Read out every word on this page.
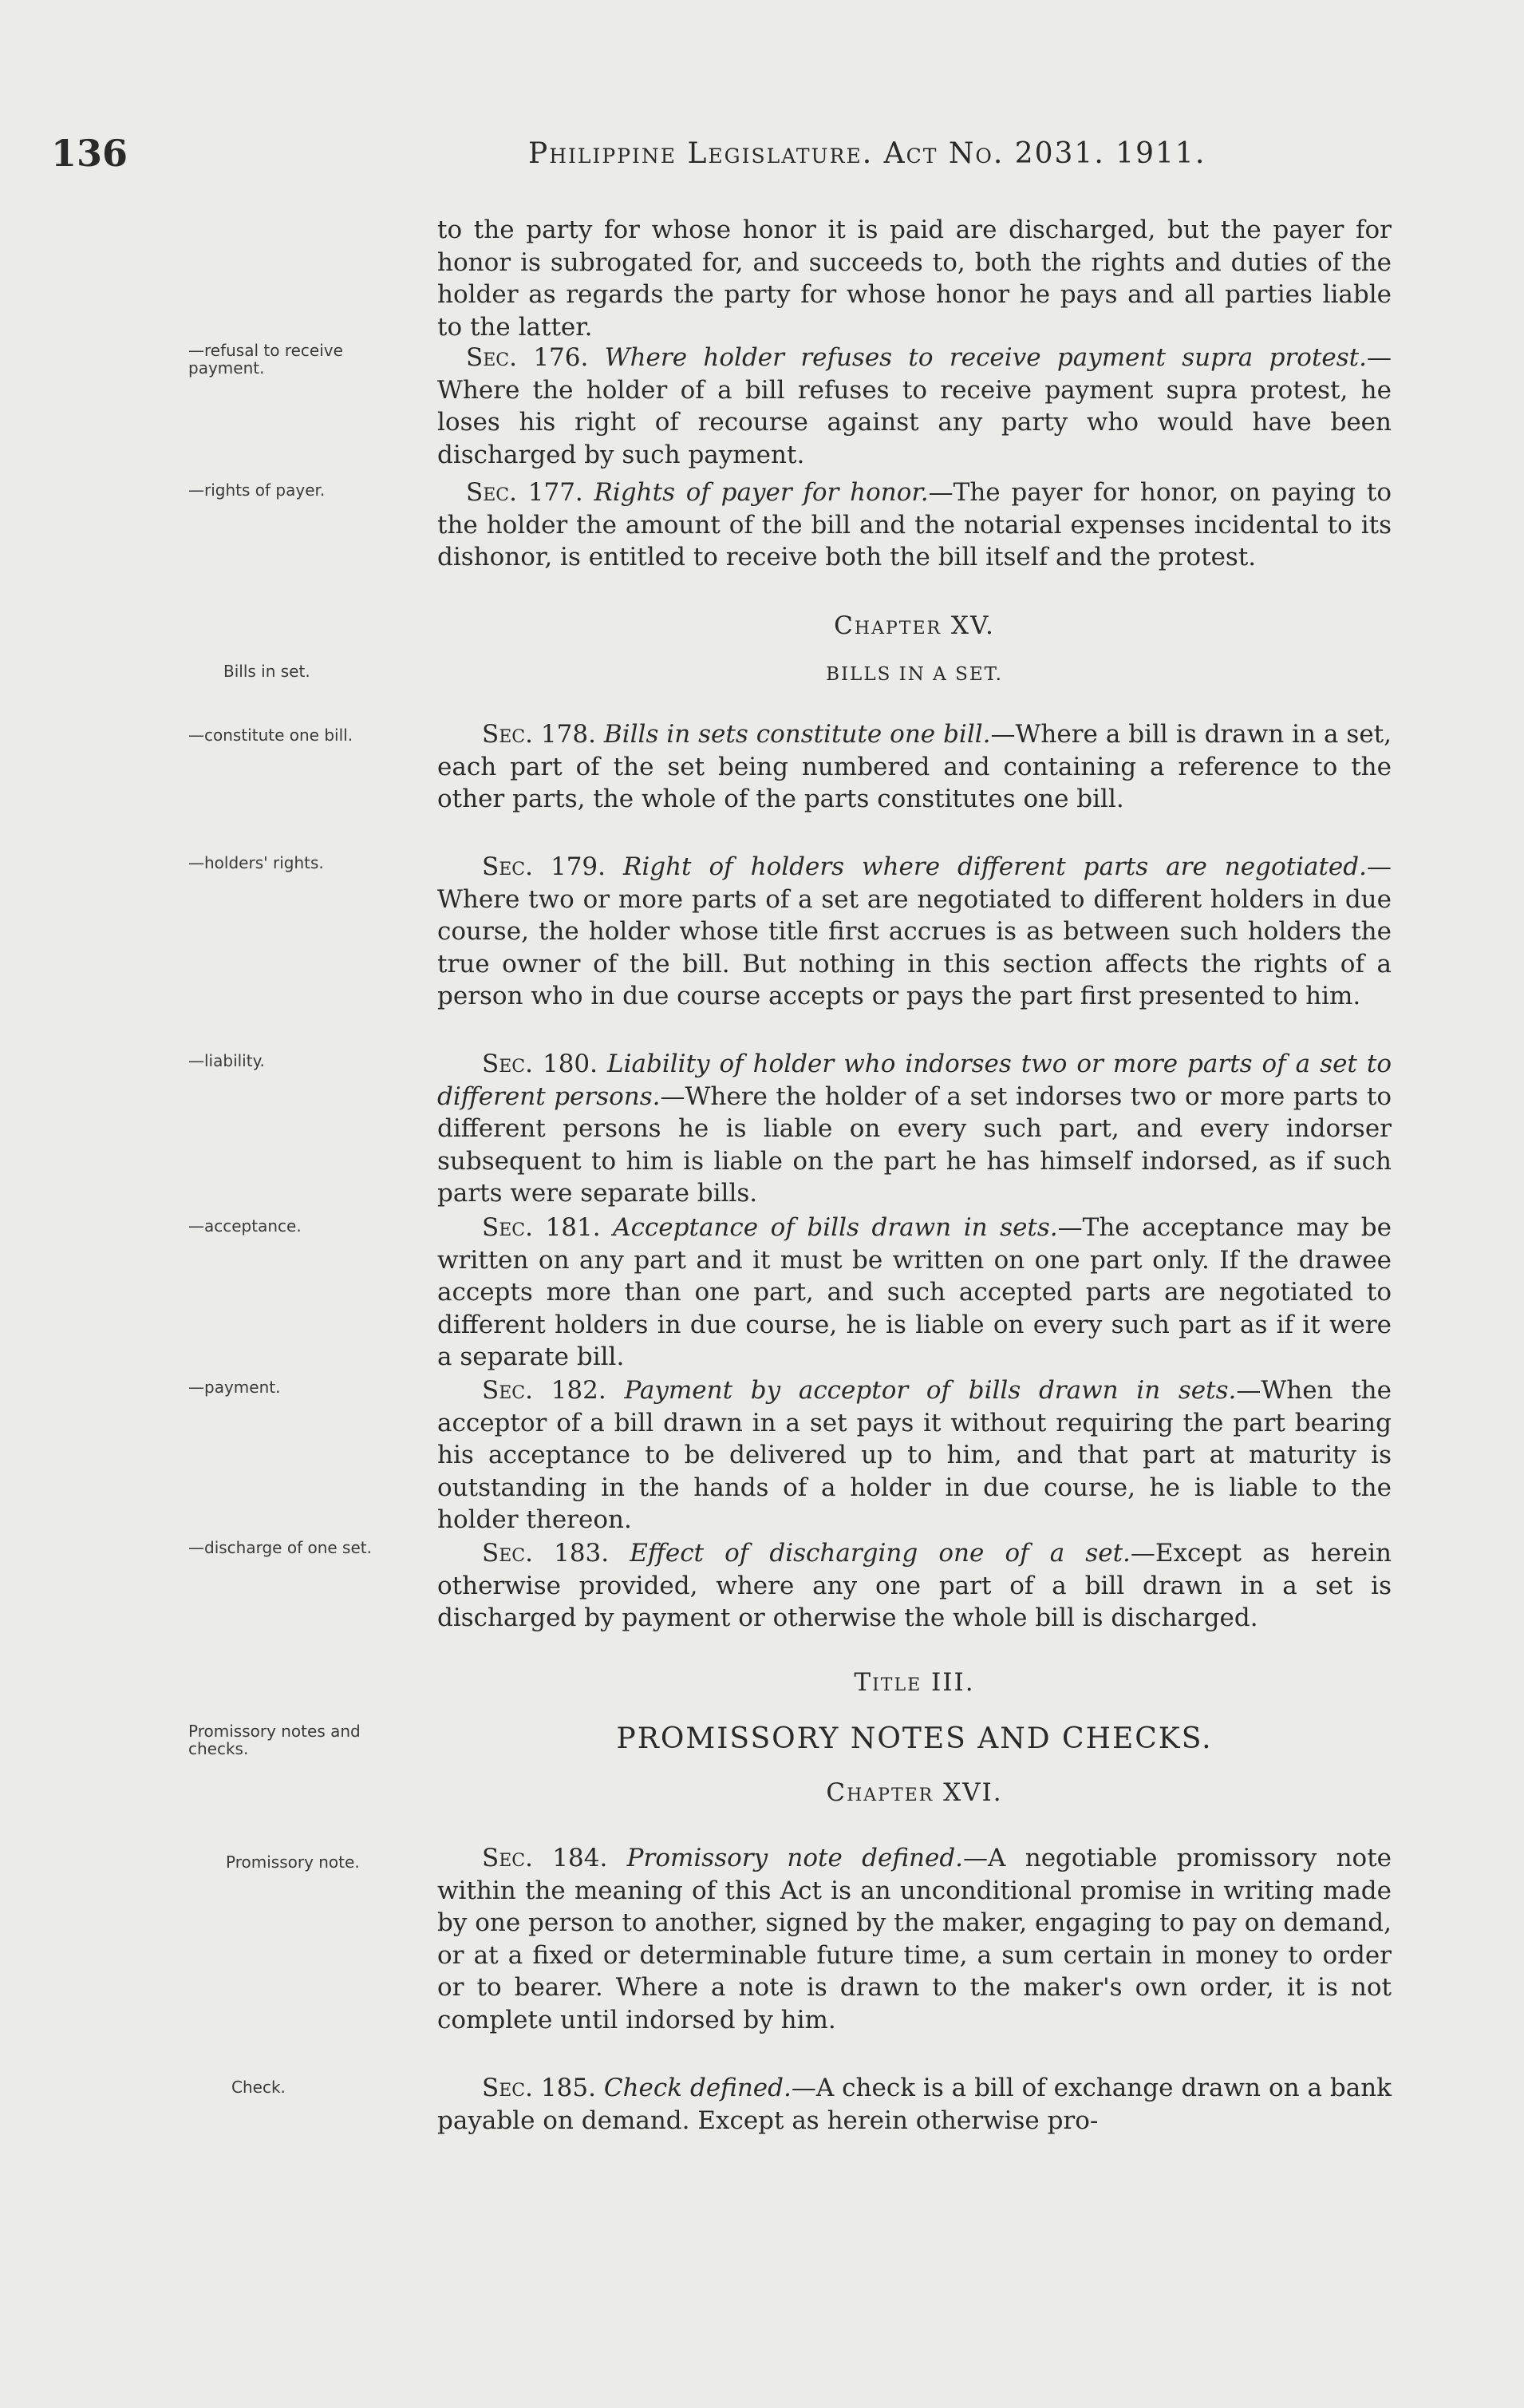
136	Philippine Legislature. Act No. 2031. 1911.
—refusal to receive payment.
—rights of payer.
Bills in set.
—constitute one bill.
—holders' rights.
—liability.
—acceptance.
—payment.
—discharge of one set.
Promissory notes and checks.
Promissory note.
Check.
to the party for whose honor it is paid are discharged, but the payer for honor is subrogated for, and succeeds to, both the rights and duties of the holder as regards the party for whose honor he pays and all parties liable to the latter.
Sec. 176. Where holder refuses to receive payment supra protest.—Where the holder of a bill refuses to receive payment supra protest, he loses his right of recourse against any party who would have been discharged by such payment.
Sec. 177. Rights of payer for honor.—The payer for honor, on paying to the holder the amount of the bill and the notarial expenses incidental to its dishonor, is entitled to receive both the bill itself and the protest.
Chapter XV.
BILLS IN A SET.
Sec. 178. Bills in sets constitute one bill.—Where a bill is drawn in a set, each part of the set being numbered and containing a reference to the other parts, the whole of the parts constitutes one bill.
Sec. 179. Right of holders where different parts are negotiated.— Where two or more parts of a set are negotiated to different holders in due course, the holder whose title first accrues is as between such holders the true owner of the bill. But nothing in this section affects the rights of a person who in due course accepts or pays the part first presented to him.
Sec. 180. Liability of holder who indorses two or more parts of a set to different persons.—Where the holder of a set indorses two or more parts to different persons he is liable on every such part, and every indorser subsequent to him is liable on the part he has himself indorsed, as if such parts were separate bills.
Sec. 181. Acceptance of bills drawn in sets.—The acceptance may be written on any part and it must be written on one part only. If the drawee accepts more than one part, and such accepted parts are negotiated to different holders in due course, he is liable on every such part as if it were a separate bill.
Sec. 182. Payment by acceptor of bills drawn in sets.—When the acceptor of a bill drawn in a set pays it without requiring the part bearing his acceptance to be delivered up to him, and that part at maturity is outstanding in the hands of a holder in due course, he is liable to the holder thereon.
Sec. 183. Effect of discharging one of a set.—Except as herein otherwise provided, where any one part of a bill drawn in a set is discharged by payment or otherwise the whole bill is discharged.
Title III.
PROMISSORY NOTES AND CHECKS.
Chapter XVI.
Sec. 184. Promissory note defined.—A negotiable promissory note within the meaning of this Act is an unconditional promise in writing made by one person to another, signed by the maker, engaging to pay on demand, or at a fixed or determinable future time, a sum certain in money to order or to bearer. Where a note is drawn to the maker's own order, it is not complete until indorsed by him.
Sec. 185. Check defined.—A check is a bill of exchange drawn on a bank payable on demand. Except as herein otherwise pro-
